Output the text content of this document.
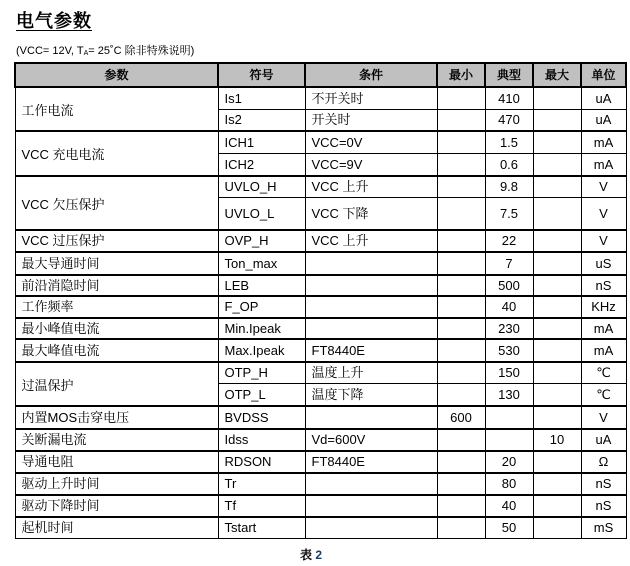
电气参数
(VCC= 12V, $T_A=$ 25˚C 除非特殊说明)
参数	符号	条件	最小	典型	最大	单位
工作电流	Is1	不开关时		410		uA
	Is2	开关时		470		uA
VCC 充电电流	ICH1	VCC=0V		1.5		mA
	ICH2	VCC=9V		0.6		mA
VCC 欠压保护	UVLO_H	VCC 上升		9.8		V
	UVLO_L	VCC 下降		7.5		V
VCC 过压保护	OVP_H	VCC 上升		22		V
最大导通时间	Ton_max			7		uS
前沿消隐时间	LEB			500		nS
工作频率	F_OP			40		KHz
最小峰值电流	Min.Ipeak			230		mA
最大峰值电流	Max.Ipeak	FT8440E		530		mA
过温保护	OTP_H	温度上升		150		℃
	OTP_L	温度下降		130		℃
内置MOS击穿电压	BVDSS		600			V
关断漏电流	Idss	Vd=600V			10	uA
导通电阻	RDSON	FT8440E		20		Ω
驱动上升时间	Tr			80		nS
驱动下降时间	Tf			40		nS
起机时间	Tstart			50		mS
表 2
